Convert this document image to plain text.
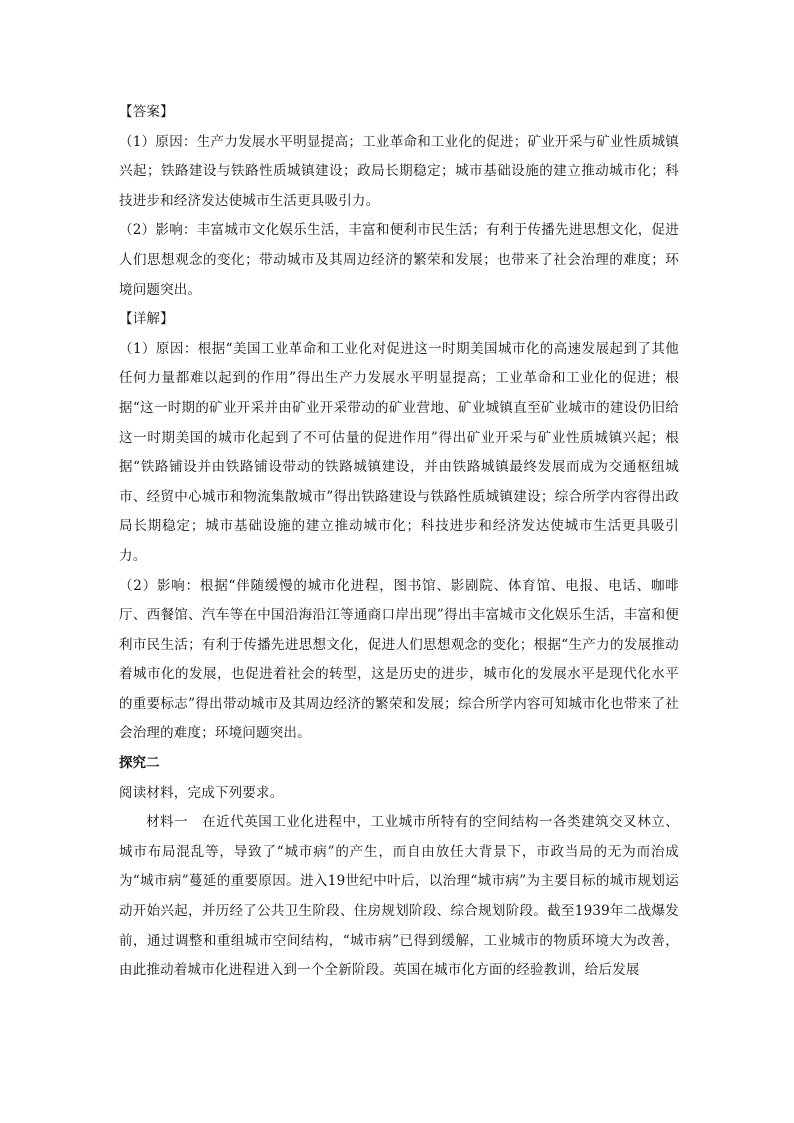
【答案】

（1）原因：生产力发展水平明显提高；工业革命和工业化的促进；矿业开采与矿业性质城镇兴起；铁路建设与铁路性质城镇建设；政局长期稳定；城市基础设施的建立推动城市化；科技进步和经济发达使城市生活更具吸引力。

（2）影响：丰富城市文化娱乐生活，丰富和便利市民生活；有利于传播先进思想文化，促进人们思想观念的变化；带动城市及其周边经济的繁荣和发展；也带来了社会治理的难度；环境问题突出。

【详解】

（1）原因：根据“美国工业革命和工业化对促进这一时期美国城市化的高速发展起到了其他任何力量都难以起到的作用”得出生产力发展水平明显提高；工业革命和工业化的促进；根据“这一时期的矿业开采并由矿业开采带动的矿业营地、矿业城镇直至矿业城市的建设仍旧给这一时期美国的城市化起到了不可估量的促进作用”得出矿业开采与矿业性质城镇兴起；根据“铁路铺设并由铁路铺设带动的铁路城镇建设，并由铁路城镇最终发展而成为交通枢纽城市、经贸中心城市和物流集散城市”得出铁路建设与铁路性质城镇建设；综合所学内容得出政局长期稳定；城市基础设施的建立推动城市化；科技进步和经济发达使城市生活更具吸引力。

（2）影响：根据“伴随缓慢的城市化进程，图书馆、影剧院、体育馆、电报、电话、咖啡厅、西餐馆、汽车等在中国沿海沿江等通商口岸出现”得出丰富城市文化娱乐生活，丰富和便利市民生活；有利于传播先进思想文化，促进人们思想观念的变化；根据“生产力的发展推动着城市化的发展，也促进着社会的转型，这是历史的进步，城市化的发展水平是现代化水平的重要标志”得出带动城市及其周边经济的繁荣和发展；综合所学内容可知城市化也带来了社会治理的难度；环境问题突出。

探究二

阅读材料，完成下列要求。

材料一　在近代英国工业化进程中，工业城市所特有的空间结构一各类建筑交叉林立、城市布局混乱等，导致了“城市病”的产生，而自由放任大背景下，市政当局的无为而治成为“城市病”蔓延的重要原因。进入19世纪中叶后，以治理“城市病”为主要目标的城市规划运动开始兴起，并历经了公共卫生阶段、住房规划阶段、综合规划阶段。截至1939年二战爆发前，通过调整和重组城市空间结构，“城市病”已得到缓解，工业城市的物质环境大为改善，由此推动着城市化进程进入到一个全新阶段。英国在城市化方面的经验教训，给后发展
